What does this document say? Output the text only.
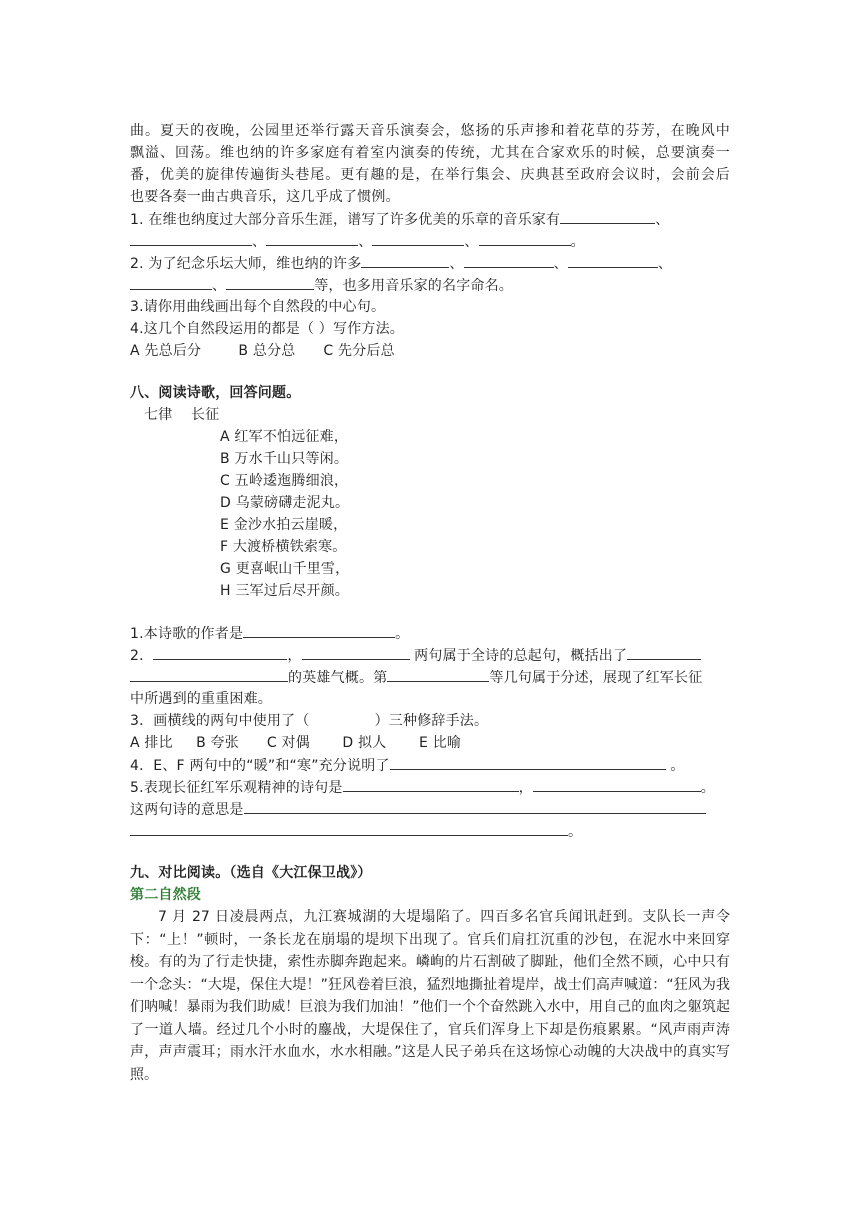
曲。夏天的夜晚，公园里还举行露天音乐演奏会，悠扬的乐声掺和着花草的芬芳，在晚风中
飘溢、回荡。维也纳的许多家庭有着室内演奏的传统，尤其在合家欢乐的时候，总要演奏一
番，优美的旋律传遍街头巷尾。更有趣的是，在举行集会、庆典甚至政府会议时，会前会后
也要各奏一曲古典音乐，这几乎成了惯例。
1. 在维也纳度过大部分音乐生涯，谱写了许多优美的乐章的音乐家有	、
、	、	、	。
2. 为了纪念乐坛大师，维也纳的许多	、	、	、
、	等，也多用音乐家的名字命名。
3.请你用曲线画出每个自然段的中心句。
4.这几个自然段运用的都是（ ）写作方法。
A 先总后分        B 总分总      C 先分后总
八、阅读诗歌，回答问题。
七律    长征
A 红军不怕远征难，
B 万水千山只等闲。
C 五岭逶迤腾细浪，
D 乌蒙磅礴走泥丸。
E 金沙水拍云崖暖，
F 大渡桥横铁索寒。
G 更喜岷山千里雪，
H 三军过后尽开颜。
1.本诗歌的作者是	。
2．	，	两句属于全诗的总起句，概括出了
的英雄气概。第	等几句属于分述，展现了红军长征
中所遇到的重重困难。
3．画横线的两句中使用了（              ）三种修辞手法。
A 排比     B 夸张      C 对偶       D 拟人       E 比喻
4．E、F 两句中的“暖”和“寒”充分说明了	。
5.表现长征红军乐观精神的诗句是	，	。
这两句诗的意思是
。
九、对比阅读。（选自《大江保卫战》）
第二自然段

7 月 27 日凌晨两点，九江赛城湖的大堤塌陷了。四百多名官兵闻讯赶到。支队长一声令下：“上！”顿时，一条长龙在崩塌的堤坝下出现了。官兵们肩扛沉重的沙包，在泥水中来回穿梭。有的为了行走快捷，索性赤脚奔跑起来。嶙峋的片石割破了脚趾，他们全然不顾，心中只有一个念头：“大堤，保住大堤！”狂风卷着巨浪，猛烈地撕扯着堤岸，战士们高声喊道：“狂风为我们呐喊！暴雨为我们助威！巨浪为我们加油！”他们一个个奋然跳入水中，用自己的血肉之躯筑起了一道人墙。经过几个小时的鏖战，大堤保住了，官兵们浑身上下却是伤痕累累。“风声雨声涛声，声声震耳；雨水汗水血水，水水相融。”这是人民子弟兵在这场惊心动魄的大决战中的真实写照。
